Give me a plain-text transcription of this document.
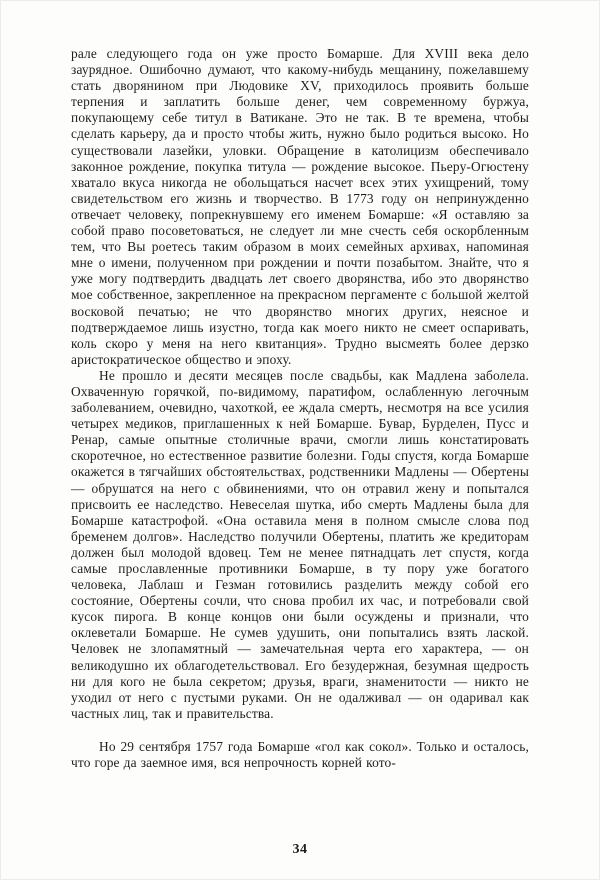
рале следующего года он уже просто Бомарше. Для XVIII века дело заурядное. Ошибочно думают, что какому-нибудь мещанину, пожелавшему стать дворянином при Людовике XV, приходилось проявить больше терпения и заплатить больше денег, чем современному буржуа, покупающему себе титул в Ватикане. Это не так. В те времена, чтобы сделать карьеру, да и просто чтобы жить, нужно было родиться высоко. Но существовали лазейки, уловки. Обращение в католицизм обеспечивало законное рождение, покупка титула — рождение высокое. Пьеру-Огюстену хватало вкуса никогда не обольщаться насчет всех этих ухищрений, тому свидетельством его жизнь и творчество. В 1773 году он непринужденно отвечает человеку, попрекнувшему его именем Бомарше: «Я оставляю за собой право посоветоваться, не следует ли мне счесть себя оскорбленным тем, что Вы роетесь таким образом в моих семейных архивах, напоминая мне о имени, полученном при рождении и почти позабытом. Знайте, что я уже могу подтвердить двадцать лет своего дворянства, ибо это дворянство мое собственное, закрепленное на прекрасном пергаменте с большой желтой восковой печатью; не что дворянство многих других, неясное и подтверждаемое лишь изустно, тогда как моего никто не смеет оспаривать, коль скоро у меня на него квитанция». Трудно высмеять более дерзко аристократическое общество и эпоху.

Не прошло и десяти месяцев после свадьбы, как Мадлена заболела. Охваченную горячкой, по-видимому, паратифом, ослабленную легочным заболеванием, очевидно, чахоткой, ее ждала смерть, несмотря на все усилия четырех медиков, приглашенных к ней Бомарше. Бувар, Бурделен, Пусс и Ренар, самые опытные столичные врачи, смогли лишь констатировать скоротечное, но естественное развитие болезни. Годы спустя, когда Бомарше окажется в тягчайших обстоятельствах, родственники Мадлены — Обертены — обрушатся на него с обвинениями, что он отравил жену и попытался присвоить ее наследство. Невеселая шутка, ибо смерть Мадлены была для Бомарше катастрофой. «Она оставила меня в полном смысле слова под бременем долгов». Наследство получили Обертены, платить же кредиторам должен был молодой вдовец. Тем не менее пятнадцать лет спустя, когда самые прославленные противники Бомарше, в ту пору уже богатого человека, Лаблаш и Гезман готовились разделить между собой его состояние, Обертены сочли, что снова пробил их час, и потребовали свой кусок пирога. В конце концов они были осуждены и признали, что оклеветали Бомарше. Не сумев удушить, они попытались взять лаской. Человек не злопамятный — замечательная черта его характера, — он великодушно их облагодетельствовал. Его безудержная, безумная щедрость ни для кого не была секретом; друзья, враги, знаменитости — никто не уходил от него с пустыми руками. Он не одалживал — он одаривал как частных лиц, так и правительства.

Но 29 сентября 1757 года Бомарше «гол как сокол». Только и осталось, что горе да заемное имя, вся непрочность корней кото-

34
